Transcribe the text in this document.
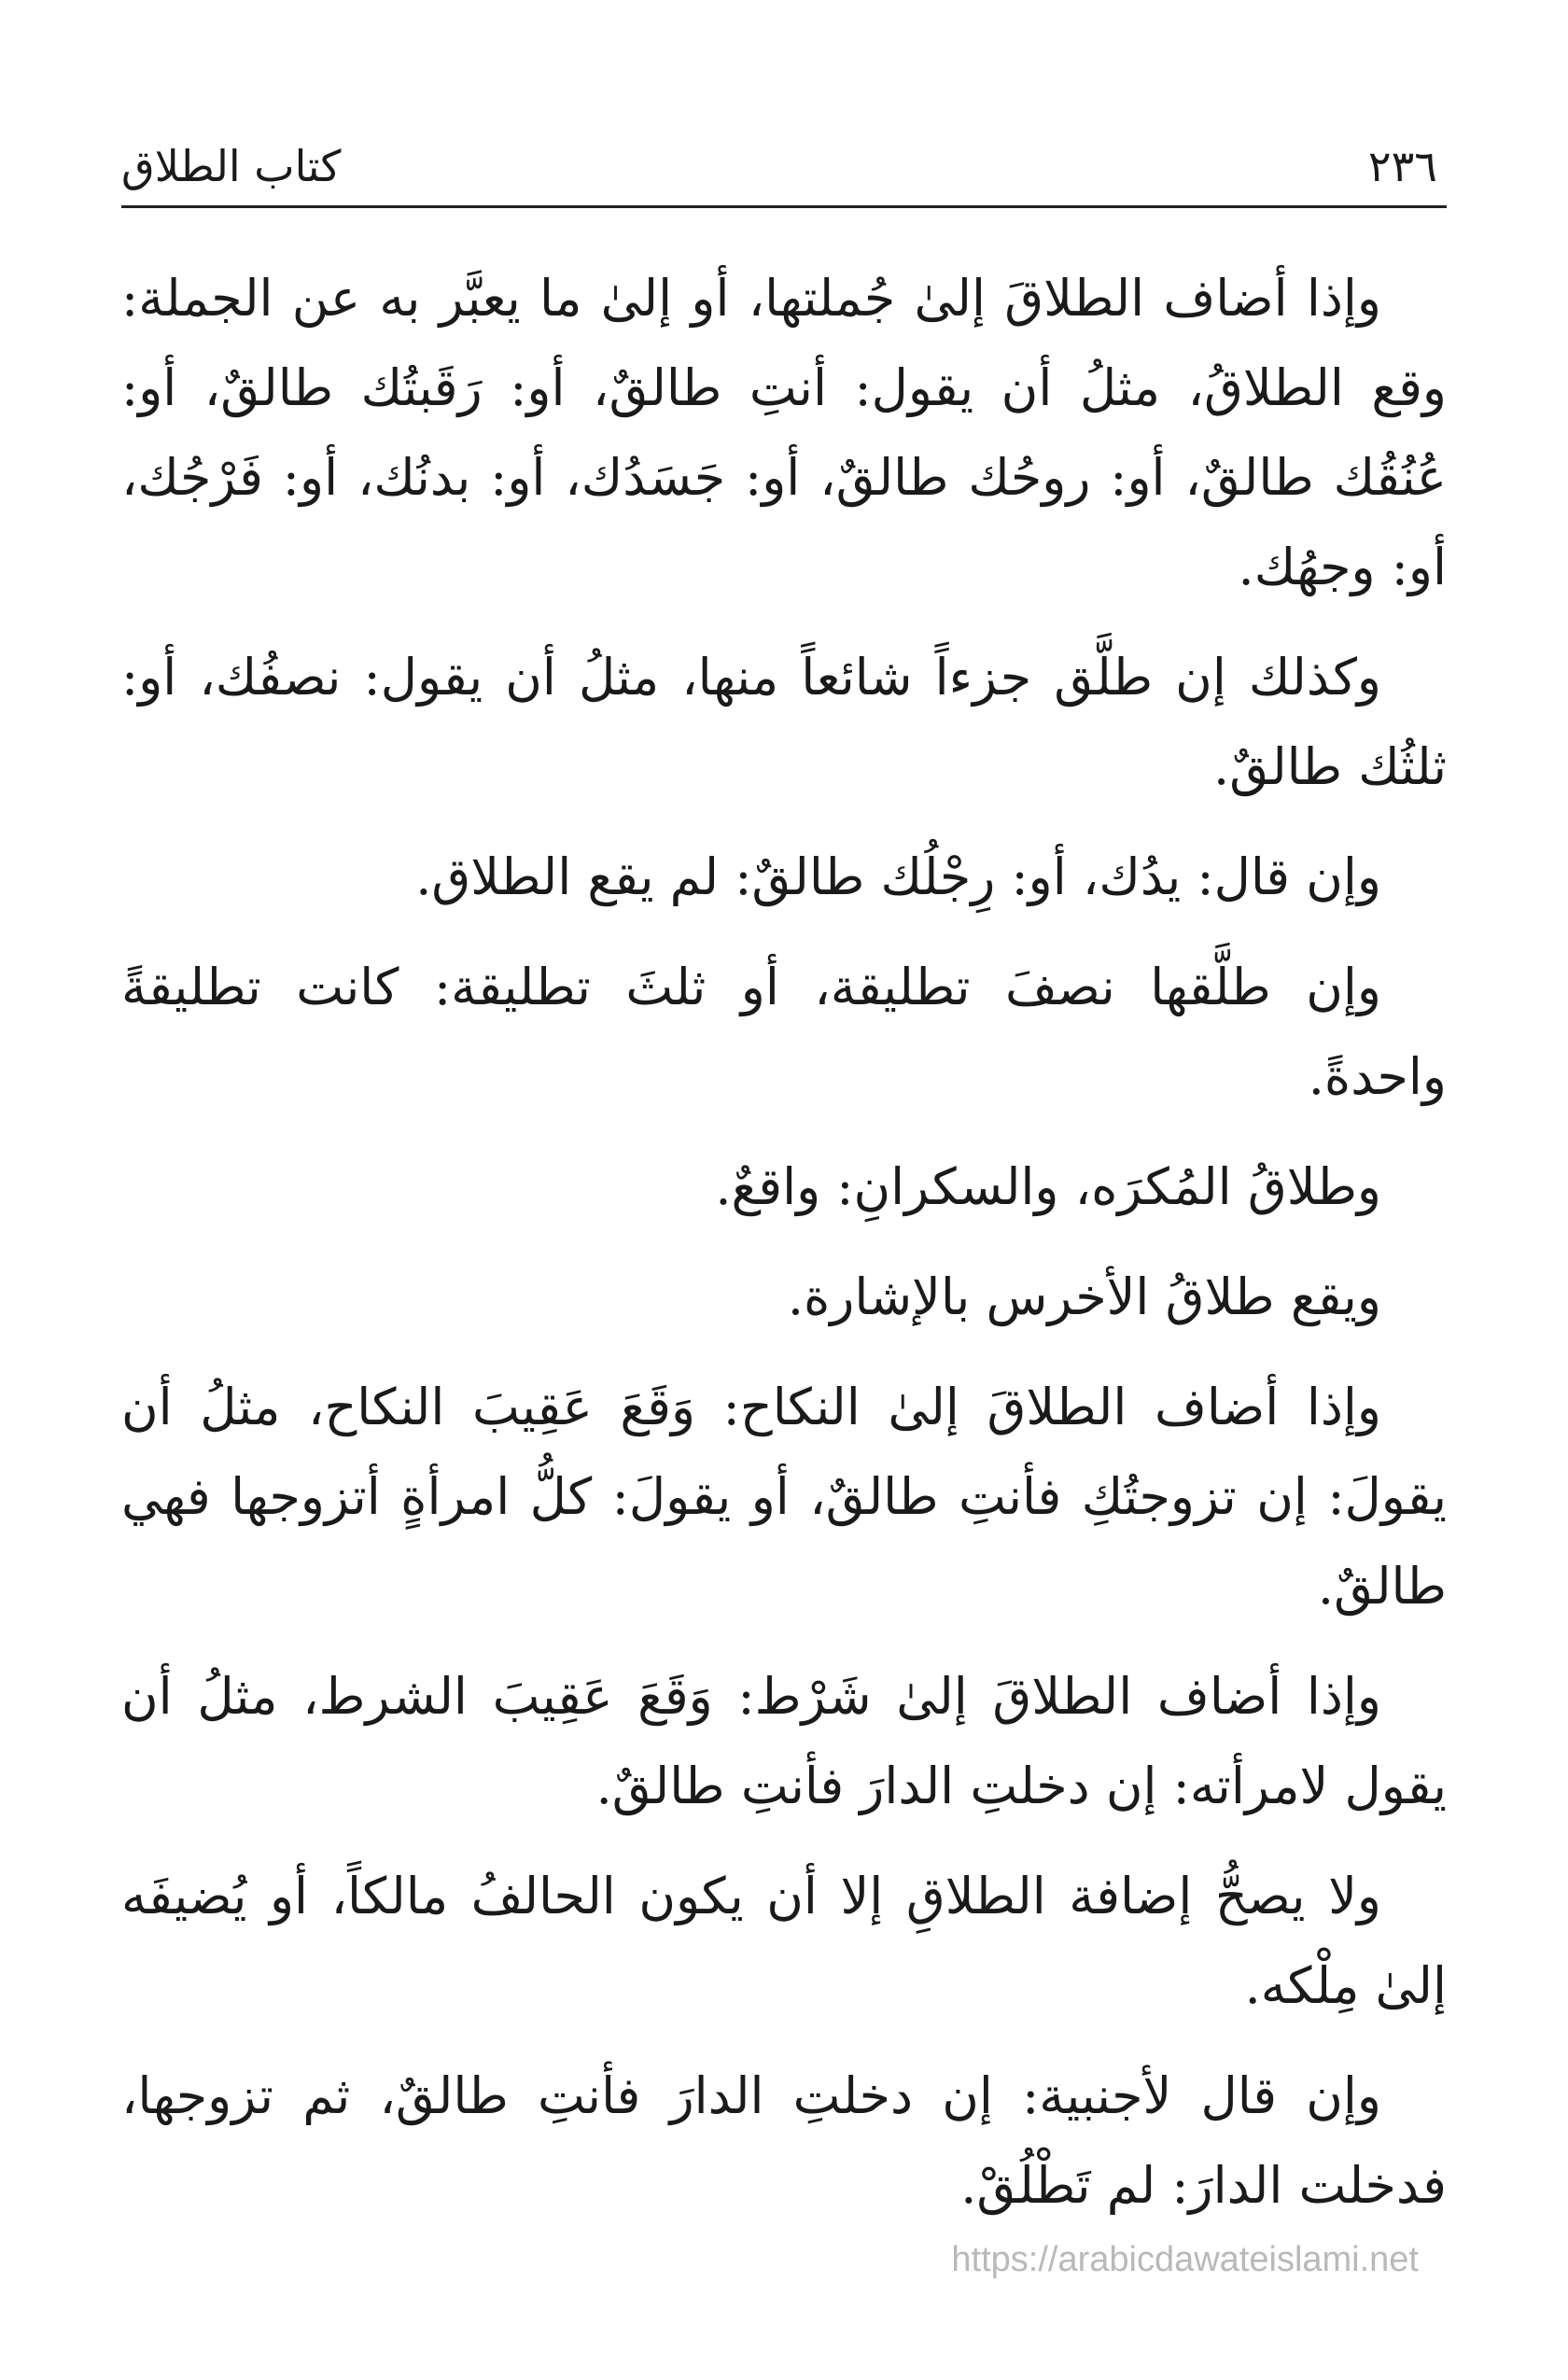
٢٣٦
كتاب الطلاق

وإذا أضاف الطلاقَ إلىٰ جُملتها، أو إلىٰ ما يعبَّر به عن الجملة: وقع الطلاقُ، مثلُ أن يقول: أنتِ طالقٌ، أو: رَقَبتُك طالقٌ، أو: عُنُقُك طالقٌ، أو: روحُك طالقٌ، أو: جَسَدُك، أو: بدنُك، أو: فَرْجُك، أو: وجهُك.

وكذلك إن طلَّق جزءاً شائعاً منها، مثلُ أن يقول: نصفُك، أو: ثلثُك طالقٌ.

وإن قال: يدُك، أو: رِجْلُك طالقٌ: لم يقع الطلاق.

وإن طلَّقها نصفَ تطليقة، أو ثلثَ تطليقة: كانت تطليقةً واحدةً.

وطلاقُ المُكرَه، والسكرانِ: واقعٌ.

ويقع طلاقُ الأخرس بالإشارة.

وإذا أضاف الطلاقَ إلىٰ النكاح: وَقَعَ عَقِيبَ النكاح، مثلُ أن يقولَ: إن تزوجتُكِ فأنتِ طالقٌ، أو يقولَ: كلُّ امرأةٍ أتزوجها فهي طالقٌ.

وإذا أضاف الطلاقَ إلىٰ شَرْط: وَقَعَ عَقِيبَ الشرط، مثلُ أن يقول لامرأته: إن دخلتِ الدارَ فأنتِ طالقٌ.

ولا يصحُّ إضافة الطلاقِ إلا أن يكون الحالفُ مالكاً، أو يُضيفَه إلىٰ مِلْكه.

وإن قال لأجنبية: إن دخلتِ الدارَ فأنتِ طالقٌ، ثم تزوجها، فدخلت الدارَ: لم تَطْلُقْ.

https://arabicdawateislami.net
